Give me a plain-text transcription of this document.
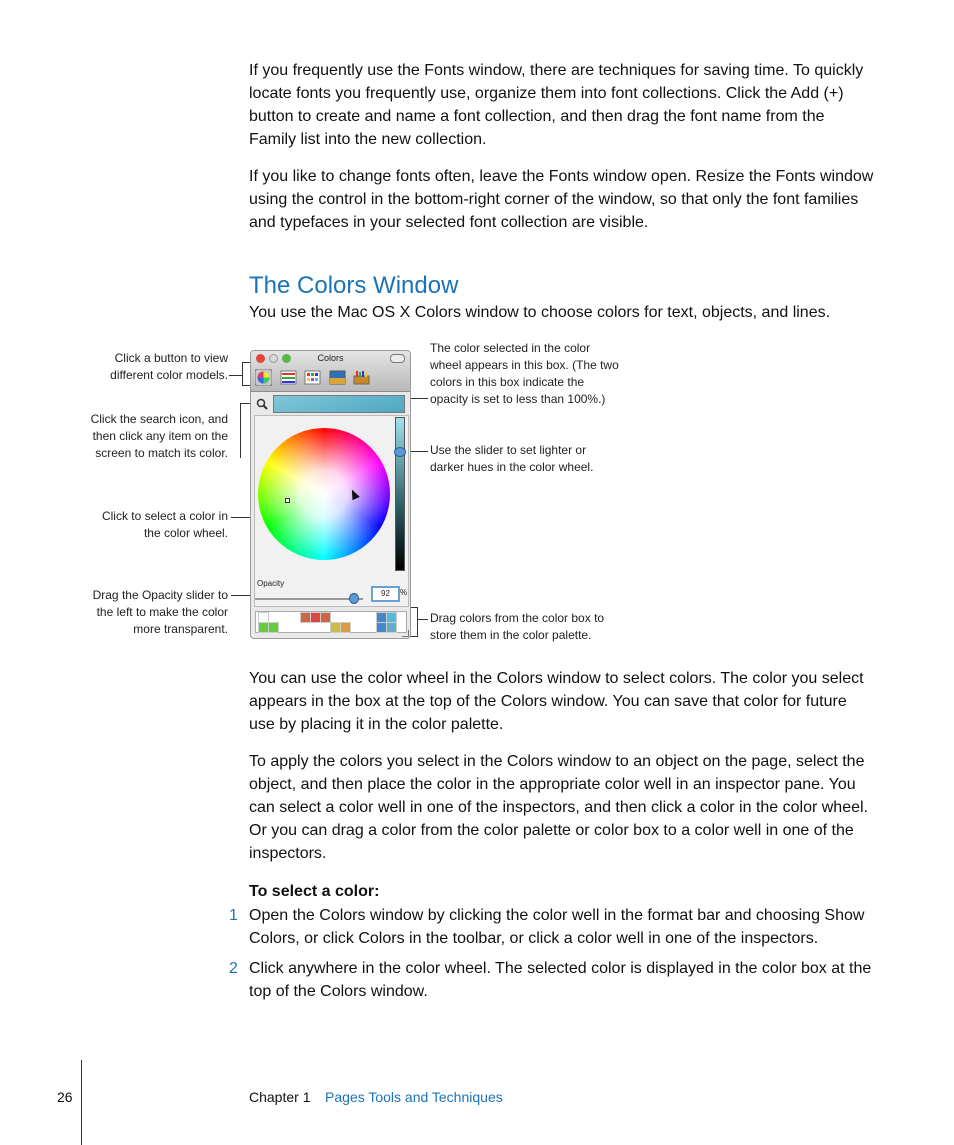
If you frequently use the Fonts window, there are techniques for saving time. To quickly locate fonts you frequently use, organize them into font collections. Click the Add (+) button to create and name a font collection, and then drag the font name from the Family list into the new collection.

If you like to change fonts often, leave the Fonts window open. Resize the Fonts window using the control in the bottom-right corner of the window, so that only the font families and typefaces in your selected font collection are visible.

The Colors Window

You use the Mac OS X Colors window to choose colors for text, objects, and lines.

Click a button to view different color models.
Click the search icon, and then click any item on the screen to match its color.
Click to select a color in the color wheel.
Drag the Opacity slider to the left to make the color more transparent.
The color selected in the color wheel appears in this box. (The two colors in this box indicate the opacity is set to less than 100%.)
Use the slider to set lighter or darker hues in the color wheel.
Drag colors from the color box to store them in the color palette.
Colors
Opacity
92	%

You can use the color wheel in the Colors window to select colors. The color you select appears in the box at the top of the Colors window. You can save that color for future use by placing it in the color palette.

To apply the colors you select in the Colors window to an object on the page, select the object, and then place the color in the appropriate color well in an inspector pane. You can select a color well in one of the inspectors, and then click a color in the color wheel. Or you can drag a color from the color palette or color box to a color well in one of the inspectors.

To select a color:
1 Open the Colors window by clicking the color well in the format bar and choosing Show Colors, or click Colors in the toolbar, or click a color well in one of the inspectors.
2 Click anywhere in the color wheel. The selected color is displayed in the color box at the top of the Colors window.
26	Chapter 1 Pages Tools and Techniques
